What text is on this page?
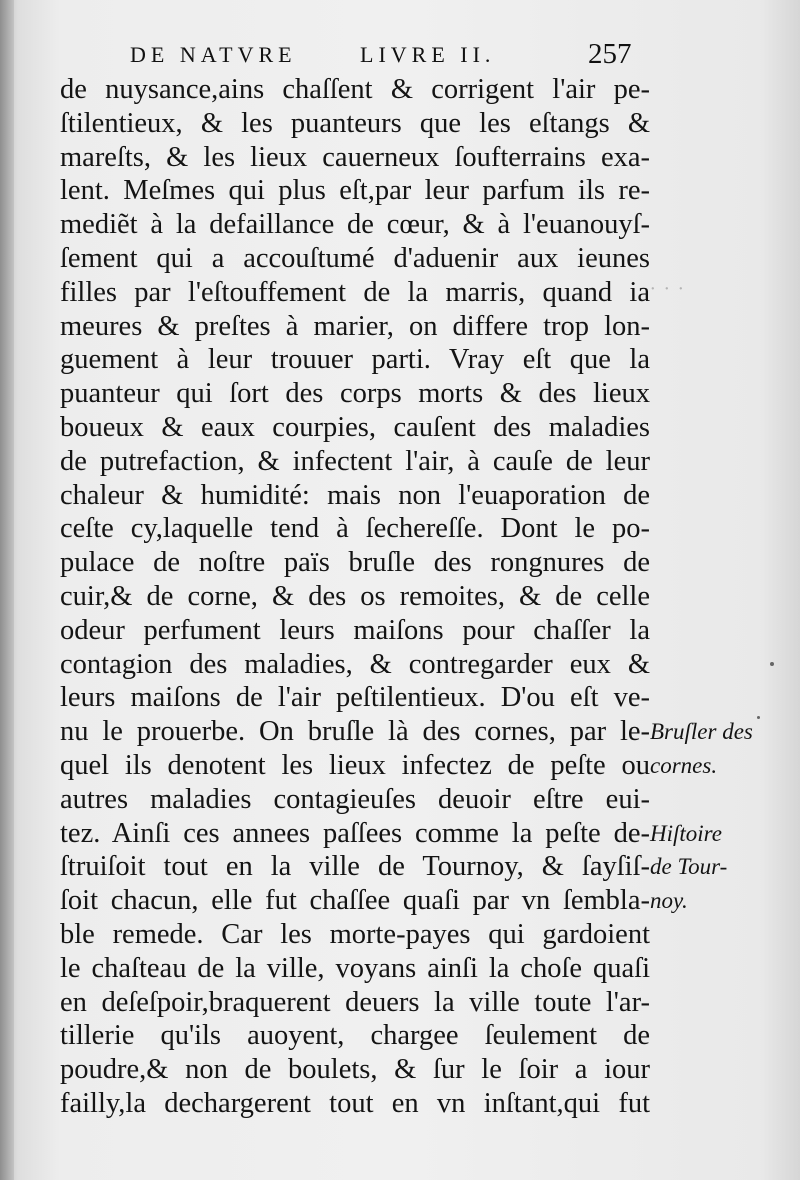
DE NATVRE	LIVRE II.	257
· · ·
de nuysance,ains chaſſent & corrigent l'air pe-
ſtilentieux, & les puanteurs que les eſtangs &
mareſts, & les lieux cauerneux ſoufterrains exa-
lent. Meſmes qui plus eſt,par leur parfum ils re-
mediẽt à la defaillance de cœur, & à l'euanouyſ-
ſement qui a accouſtumé d'aduenir aux ieunes
filles par l'eſtouffement de la marris, quand ia
meures & preſtes à marier, on differe trop lon-
guement à leur trouuer parti. Vray eſt que la
puanteur qui ſort des corps morts & des lieux
boueux & eaux courpies, cauſent des maladies
de putrefaction, & infectent l'air, à cauſe de leur
chaleur & humidité: mais non l'euaporation de
ceſte cy,laquelle tend à ſechereſſe. Dont le po-
pulace de noſtre païs bruſle des rongnures de
cuir,& de corne, & des os remoites, & de celle
odeur perfument leurs maiſons pour chaſſer la
contagion des maladies, & contregarder eux &
leurs maiſons de l'air peſtilentieux. D'ou eſt ve-
nu le prouerbe. On bruſle là des cornes, par le-
quel ils denotent les lieux infectez de peſte ou
autres maladies contagieuſes deuoir eſtre eui-
tez. Ainſi ces annees paſſees comme la peſte de-
ſtruiſoit tout en la ville de Tournoy, & ſayſiſ-
ſoit chacun, elle fut chaſſee quaſi par vn ſembla-
ble remede. Car les morte-payes qui gardoient
le chaſteau de la ville, voyans ainſi la choſe quaſi
en deſeſpoir,braquerent deuers la ville toute l'ar-
tillerie qu'ils auoyent, chargee ſeulement de
poudre,& non de boulets, & ſur le ſoir a iour
failly,la dechargerent tout en vn inſtant,qui fut
Bruſler des
cornes.
Hiſtoire
de Tour-
noy.
